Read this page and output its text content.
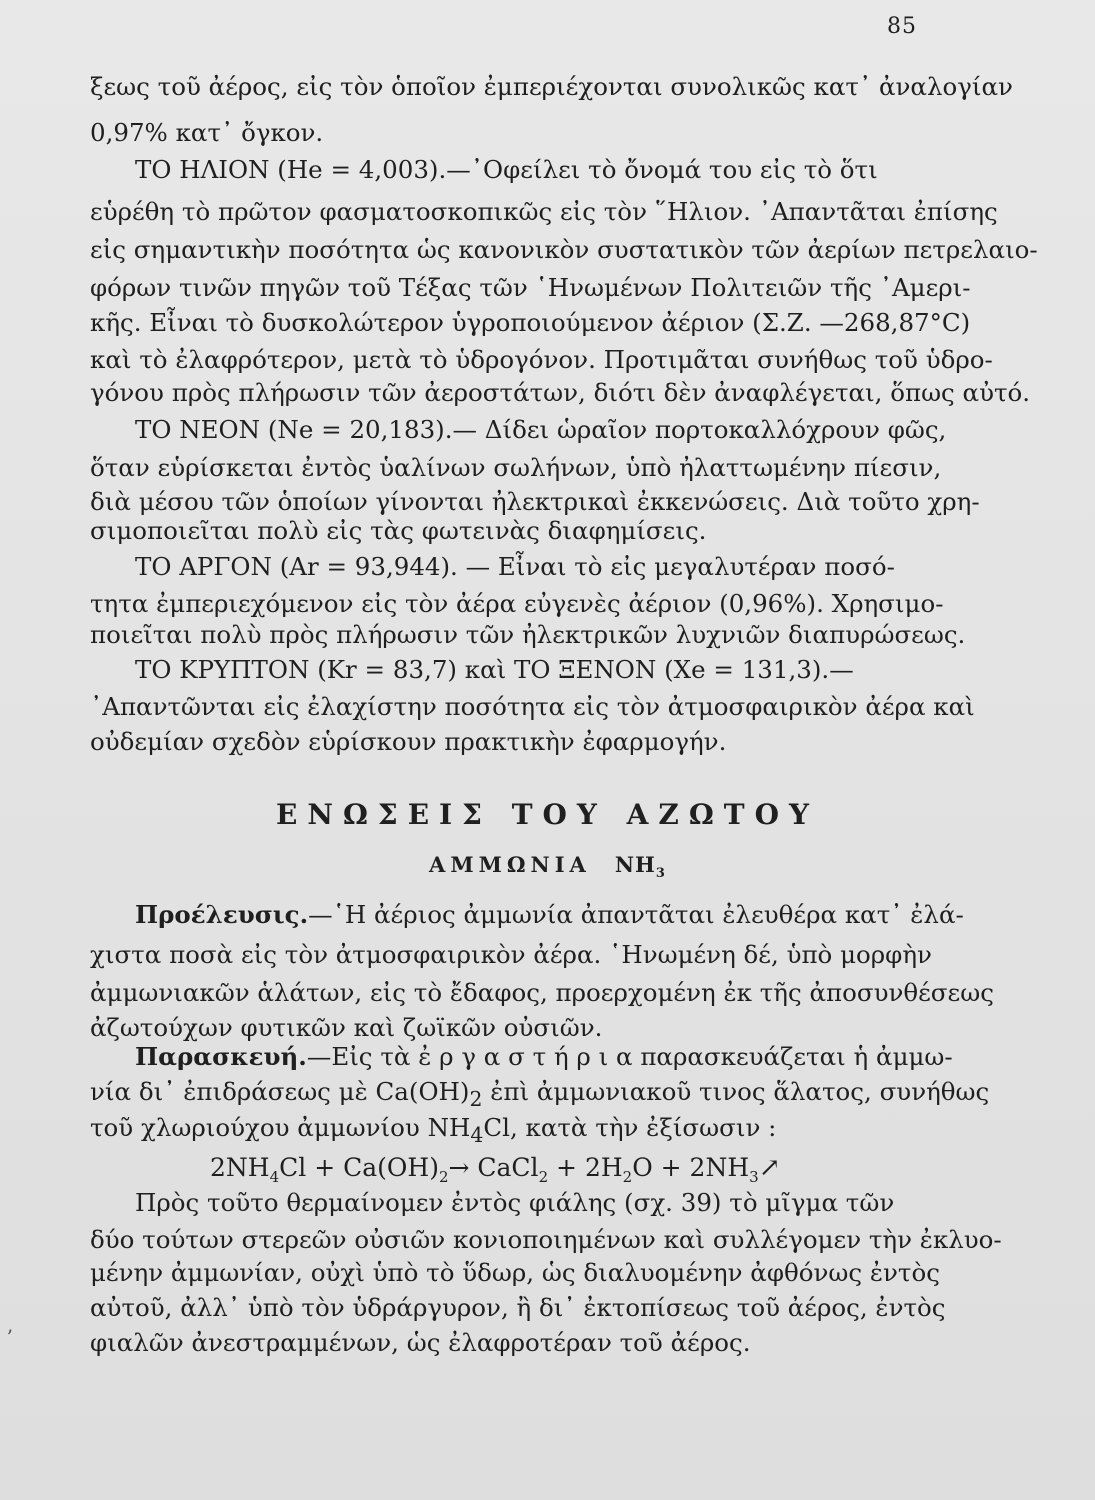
85
ξεως τοῦ ἀέρος, εἰς τὸν ὁποῖον ἐμπεριέχονται συνολικῶς κατ᾽ ἀναλογίαν
0,97% κατ᾽ ὄγκον.
ΤΟ ΗΛΙΟΝ (He = 4,003).—᾽Οφείλει τὸ ὄνομά του εἰς τὸ ὅτι
εὑρέθη τὸ πρῶτον φασματοσκοπικῶς εἰς τὸν ῞Ηλιον. ᾽Απαντᾶται ἐπίσης
εἰς σημαντικὴν ποσότητα ὡς κανονικὸν συστατικὸν τῶν ἀερίων πετρελαιο-
φόρων τινῶν πηγῶν τοῦ Τέξας τῶν ῾Ηνωμένων Πολιτειῶν τῆς ᾽Αμερι-
κῆς. Εἶναι τὸ δυσκολώτερον ὑγροποιούμενον ἀέριον (Σ.Ζ. —268,87°C)
καὶ τὸ ἐλαφρότερον, μετὰ τὸ ὑδρογόνον. Προτιμᾶται συνήθως τοῦ ὑδρο-
γόνου πρὸς πλήρωσιν τῶν ἀεροστάτων, διότι δὲν ἀναφλέγεται, ὅπως αὐτό.
ΤΟ ΝΕΟΝ (Ne = 20,183).— Δίδει ὡραῖον πορτοκαλλόχρουν φῶς,
ὅταν εὑρίσκεται ἐντὸς ὑαλίνων σωλήνων, ὑπὸ ἠλαττωμένην πίεσιν,
διὰ μέσου τῶν ὁποίων γίνονται ἠλεκτρικαὶ ἐκκενώσεις. Διὰ τοῦτο χρη-
σιμοποιεῖται πολὺ εἰς τὰς φωτεινὰς διαφημίσεις.
ΤΟ ΑΡΓΟΝ (Ar = 93,944). — Εἶναι τὸ εἰς μεγαλυτέραν ποσό-
τητα ἐμπεριεχόμενον εἰς τὸν ἀέρα εὐγενὲς ἀέριον (0,96%). Χρησιμο-
ποιεῖται πολὺ πρὸς πλήρωσιν τῶν ἠλεκτρικῶν λυχνιῶν διαπυρώσεως.
ΤΟ ΚΡΥΠΤΟΝ (Kr = 83,7) καὶ ΤΟ ΞΕΝΟΝ (Xe = 131,3).—
᾽Απαντῶνται εἰς ἐλαχίστην ποσότητα εἰς τὸν ἀτμοσφαιρικὸν ἀέρα καὶ
οὐδεμίαν σχεδὸν εὑρίσκουν πρακτικὴν ἐφαρμογήν.
ΕΝΩΣΕΙΣ ΤΟΥ ΑΖΩΤΟΥ
ΑΜΜΩΝΙΑ $NH_3$
Προέλευσις.—῾Η ἀέριος ἀμμωνία ἀπαντᾶται ἐλευθέρα κατ᾽ ἐλά-
χιστα ποσὰ εἰς τὸν ἀτμοσφαιρικὸν ἀέρα. ῾Ηνωμένη δέ, ὑπὸ μορφὴν
ἀμμωνιακῶν ἁλάτων, εἰς τὸ ἔδαφος, προερχομένη ἐκ τῆς ἀποσυνθέσεως
ἀζωτούχων φυτικῶν καὶ ζωϊκῶν οὐσιῶν.
Παρασκευή.—Εἰς τὰ ἐ ρ γ α σ τ ή ρ ι α παρασκευάζεται ἡ ἀμμω-
νία δι᾽ ἐπιδράσεως μὲ $Ca(OH)_2$ ἐπὶ ἀμμωνιακοῦ τινος ἅλατος, συνήθως
τοῦ χλωριούχου ἀμμωνίου $NH_4Cl$, κατὰ τὴν ἐξίσωσιν :
$2NH_4Cl + Ca(OH)_2\to$ CaCl$_2$ + $2H_2O$ + $2NH_3↗$
Πρὸς τοῦτο θερμαίνομεν ἐντὸς φιάλης (σχ. 39) τὸ μῖγμα τῶν
δύο τούτων στερεῶν οὐσιῶν κονιοποιημένων καὶ συλλέγομεν τὴν ἐκλυο-
μένην ἀμμωνίαν, οὐχὶ ὑπὸ τὸ ὕδωρ, ὡς διαλυομένην ἀφθόνως ἐντὸς
αὐτοῦ, ἀλλ᾽ ὑπὸ τὸν ὑδράργυρον, ἢ δι᾽ ἐκτοπίσεως τοῦ ἀέρος, ἐντὸς
φιαλῶν ἀνεστραμμένων, ὡς ἐλαφροτέραν τοῦ ἀέρος.
ʼ
